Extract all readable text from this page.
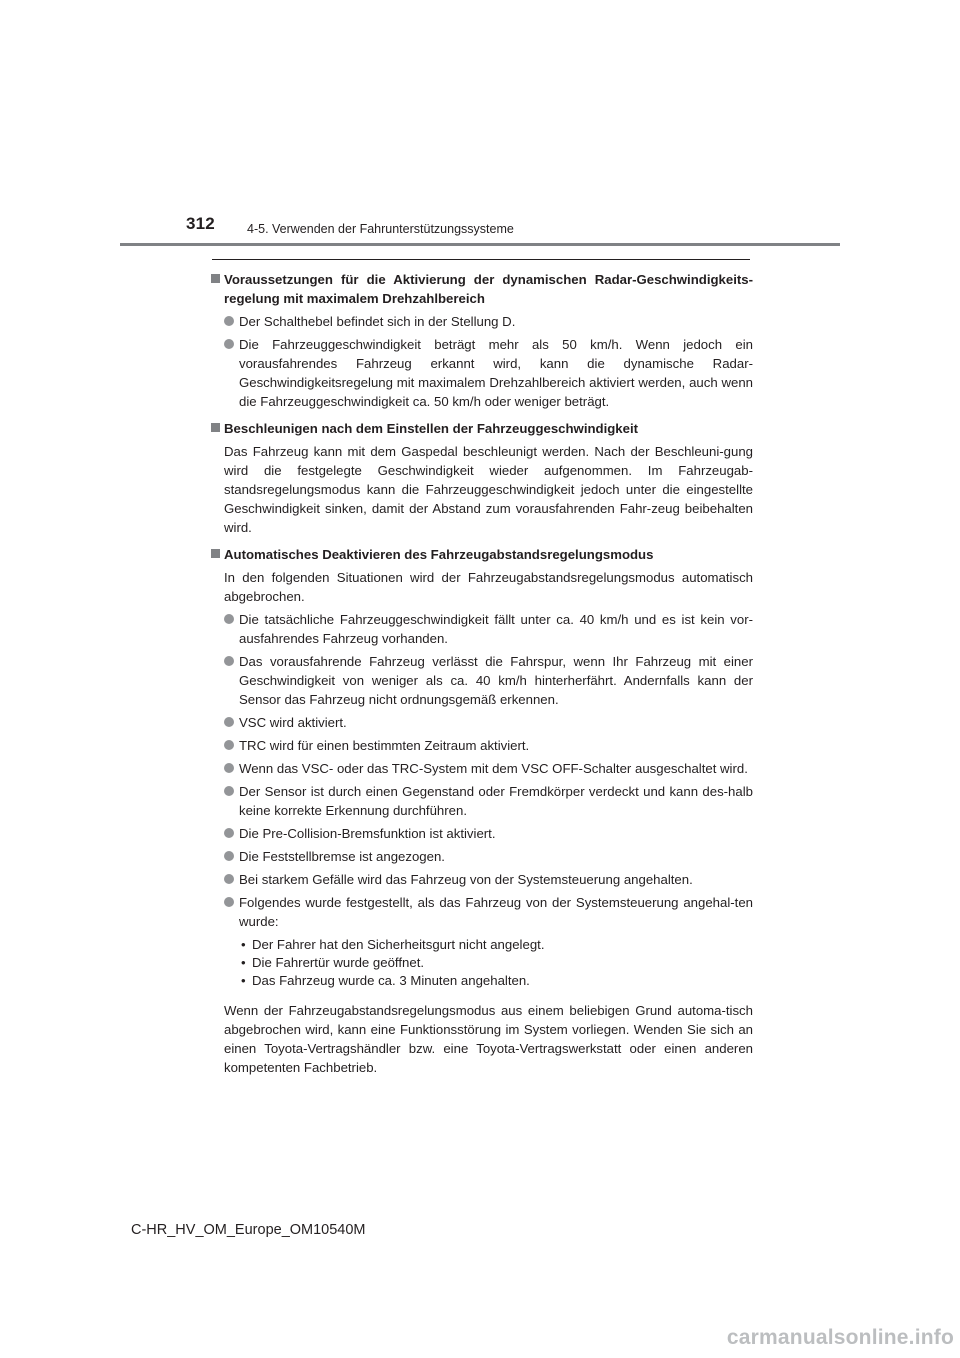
312	4-5. Verwenden der Fahrunterstützungssysteme
Voraussetzungen für die Aktivierung der dynamischen Radar-Geschwindigkeits-regelung mit maximalem Drehzahlbereich
Der Schalthebel befindet sich in der Stellung D.
Die Fahrzeuggeschwindigkeit beträgt mehr als 50 km/h. Wenn jedoch ein vorausfahrendes Fahrzeug erkannt wird, kann die dynamische Radar-Geschwindigkeitsregelung mit maximalem Drehzahlbereich aktiviert werden, auch wenn die Fahrzeuggeschwindigkeit ca. 50 km/h oder weniger beträgt.
Beschleunigen nach dem Einstellen der Fahrzeuggeschwindigkeit
Das Fahrzeug kann mit dem Gaspedal beschleunigt werden. Nach der Beschleuni-gung wird die festgelegte Geschwindigkeit wieder aufgenommen. Im Fahrzeugab-standsregelungsmodus kann die Fahrzeuggeschwindigkeit jedoch unter die eingestellte Geschwindigkeit sinken, damit der Abstand zum vorausfahrenden Fahr-zeug beibehalten wird.
Automatisches Deaktivieren des Fahrzeugabstandsregelungsmodus
In den folgenden Situationen wird der Fahrzeugabstandsregelungsmodus automatisch abgebrochen.
Die tatsächliche Fahrzeuggeschwindigkeit fällt unter ca. 40 km/h und es ist kein vor-ausfahrendes Fahrzeug vorhanden.
Das vorausfahrende Fahrzeug verlässt die Fahrspur, wenn Ihr Fahrzeug mit einer Geschwindigkeit von weniger als ca. 40 km/h hinterherfährt. Andernfalls kann der Sensor das Fahrzeug nicht ordnungsgemäß erkennen.
VSC wird aktiviert.
TRC wird für einen bestimmten Zeitraum aktiviert.
Wenn das VSC- oder das TRC-System mit dem VSC OFF-Schalter ausgeschaltet wird.
Der Sensor ist durch einen Gegenstand oder Fremdkörper verdeckt und kann des-halb keine korrekte Erkennung durchführen.
Die Pre-Collision-Bremsfunktion ist aktiviert.
Die Feststellbremse ist angezogen.
Bei starkem Gefälle wird das Fahrzeug von der Systemsteuerung angehalten.
Folgendes wurde festgestellt, als das Fahrzeug von der Systemsteuerung angehal-ten wurde:
• Der Fahrer hat den Sicherheitsgurt nicht angelegt.
• Die Fahrertür wurde geöffnet.
• Das Fahrzeug wurde ca. 3 Minuten angehalten.
Wenn der Fahrzeugabstandsregelungsmodus aus einem beliebigen Grund automa-tisch abgebrochen wird, kann eine Funktionsstörung im System vorliegen. Wenden Sie sich an einen Toyota-Vertragshändler bzw. eine Toyota-Vertragswerkstatt oder einen anderen kompetenten Fachbetrieb.
C-HR_HV_OM_Europe_OM10540M
carmanualsonline.info
